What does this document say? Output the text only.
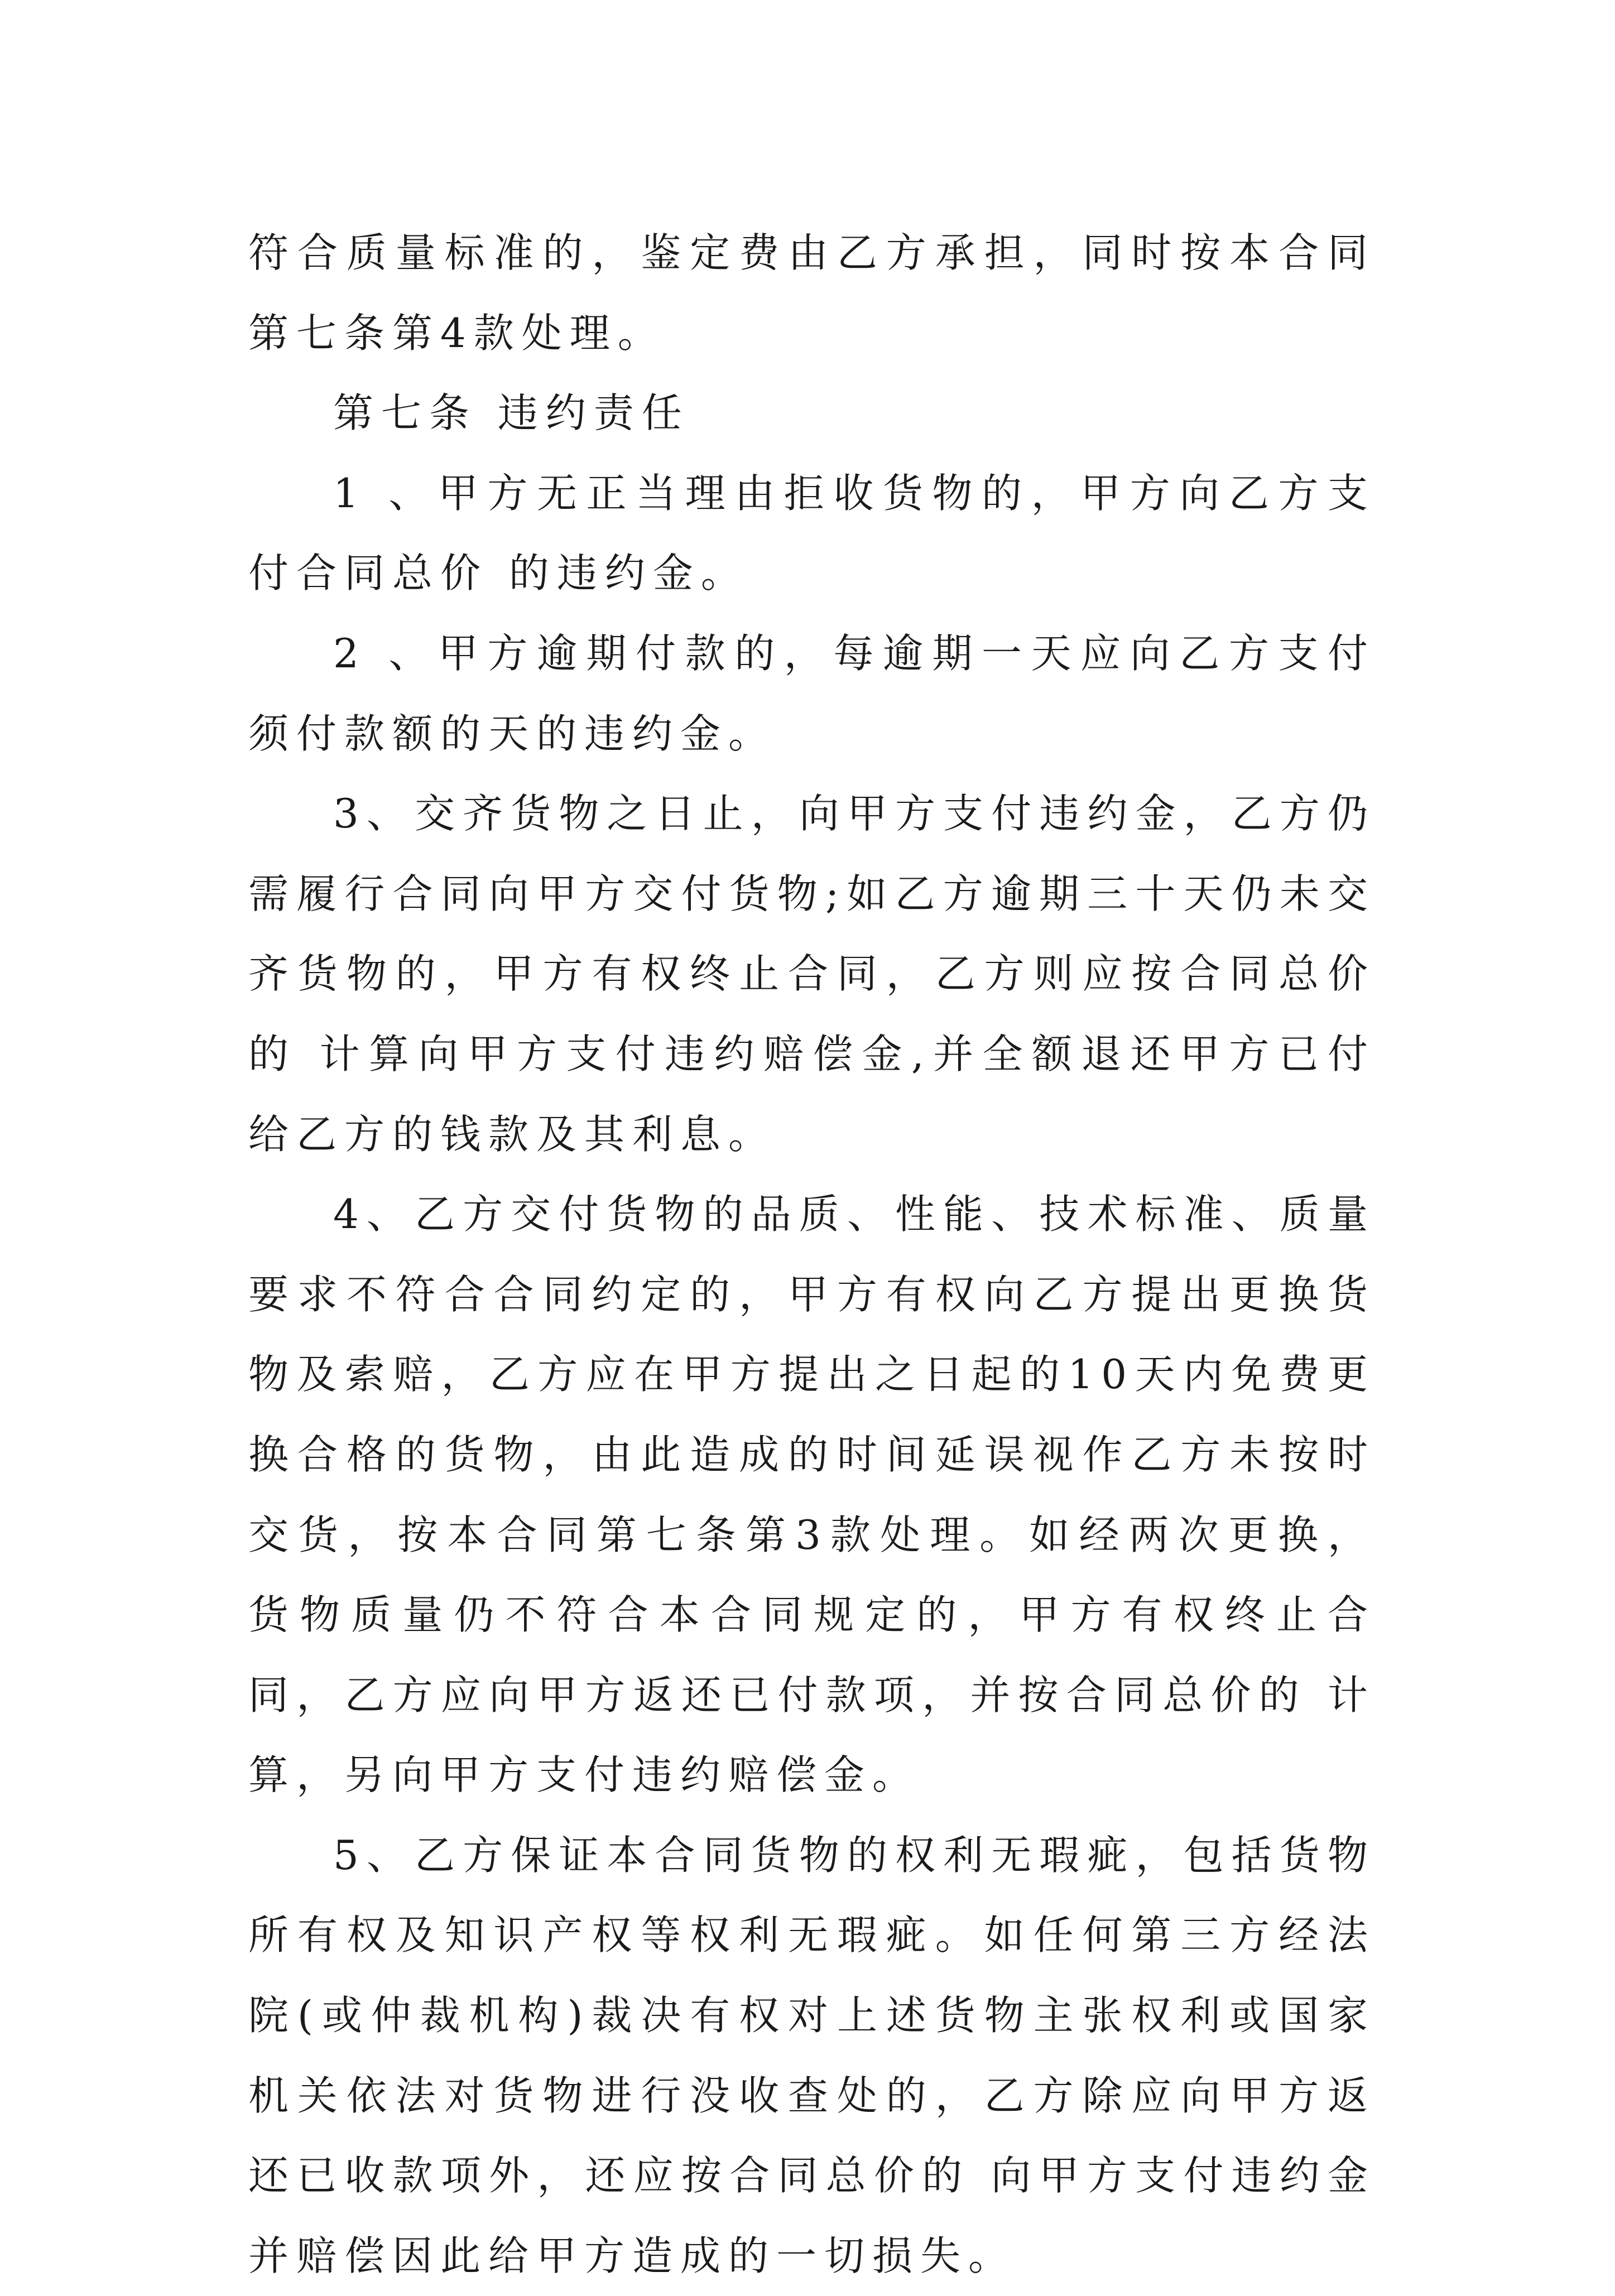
符合质量标准的，鉴定费由乙方承担，同时按本合同第七条第4款处理。

第七条 违约责任

1 、甲方无正当理由拒收货物的，甲方向乙方支付合同总价 的违约金。

2 、甲方逾期付款的，每逾期一天应向乙方支付须付款额的天的违约金。

3、交齐货物之日止，向甲方支付违约金，乙方仍需履行合同向甲方交付货物;如乙方逾期三十天仍未交齐货物的，甲方有权终止合同，乙方则应按合同总价的 计算向甲方支付违约赔偿金,并全额退还甲方已付给乙方的钱款及其利息。

4、乙方交付货物的品质、性能、技术标准、质量要求不符合合同约定的，甲方有权向乙方提出更换货物及索赔，乙方应在甲方提出之日起的10天内免费更换合格的货物，由此造成的时间延误视作乙方未按时交货，按本合同第七条第3款处理。如经两次更换，货物质量仍不符合本合同规定的，甲方有权终止合同，乙方应向甲方返还已付款项，并按合同总价的 计算，另向甲方支付违约赔偿金。

5、乙方保证本合同货物的权利无瑕疵，包括货物所有权及知识产权等权利无瑕疵。如任何第三方经法院(或仲裁机构)裁决有权对上述货物主张权利或国家机关依法对货物进行没收查处的，乙方除应向甲方返还已收款项外，还应按合同总价的 向甲方支付违约金并赔偿因此给甲方造成的一切损失。
